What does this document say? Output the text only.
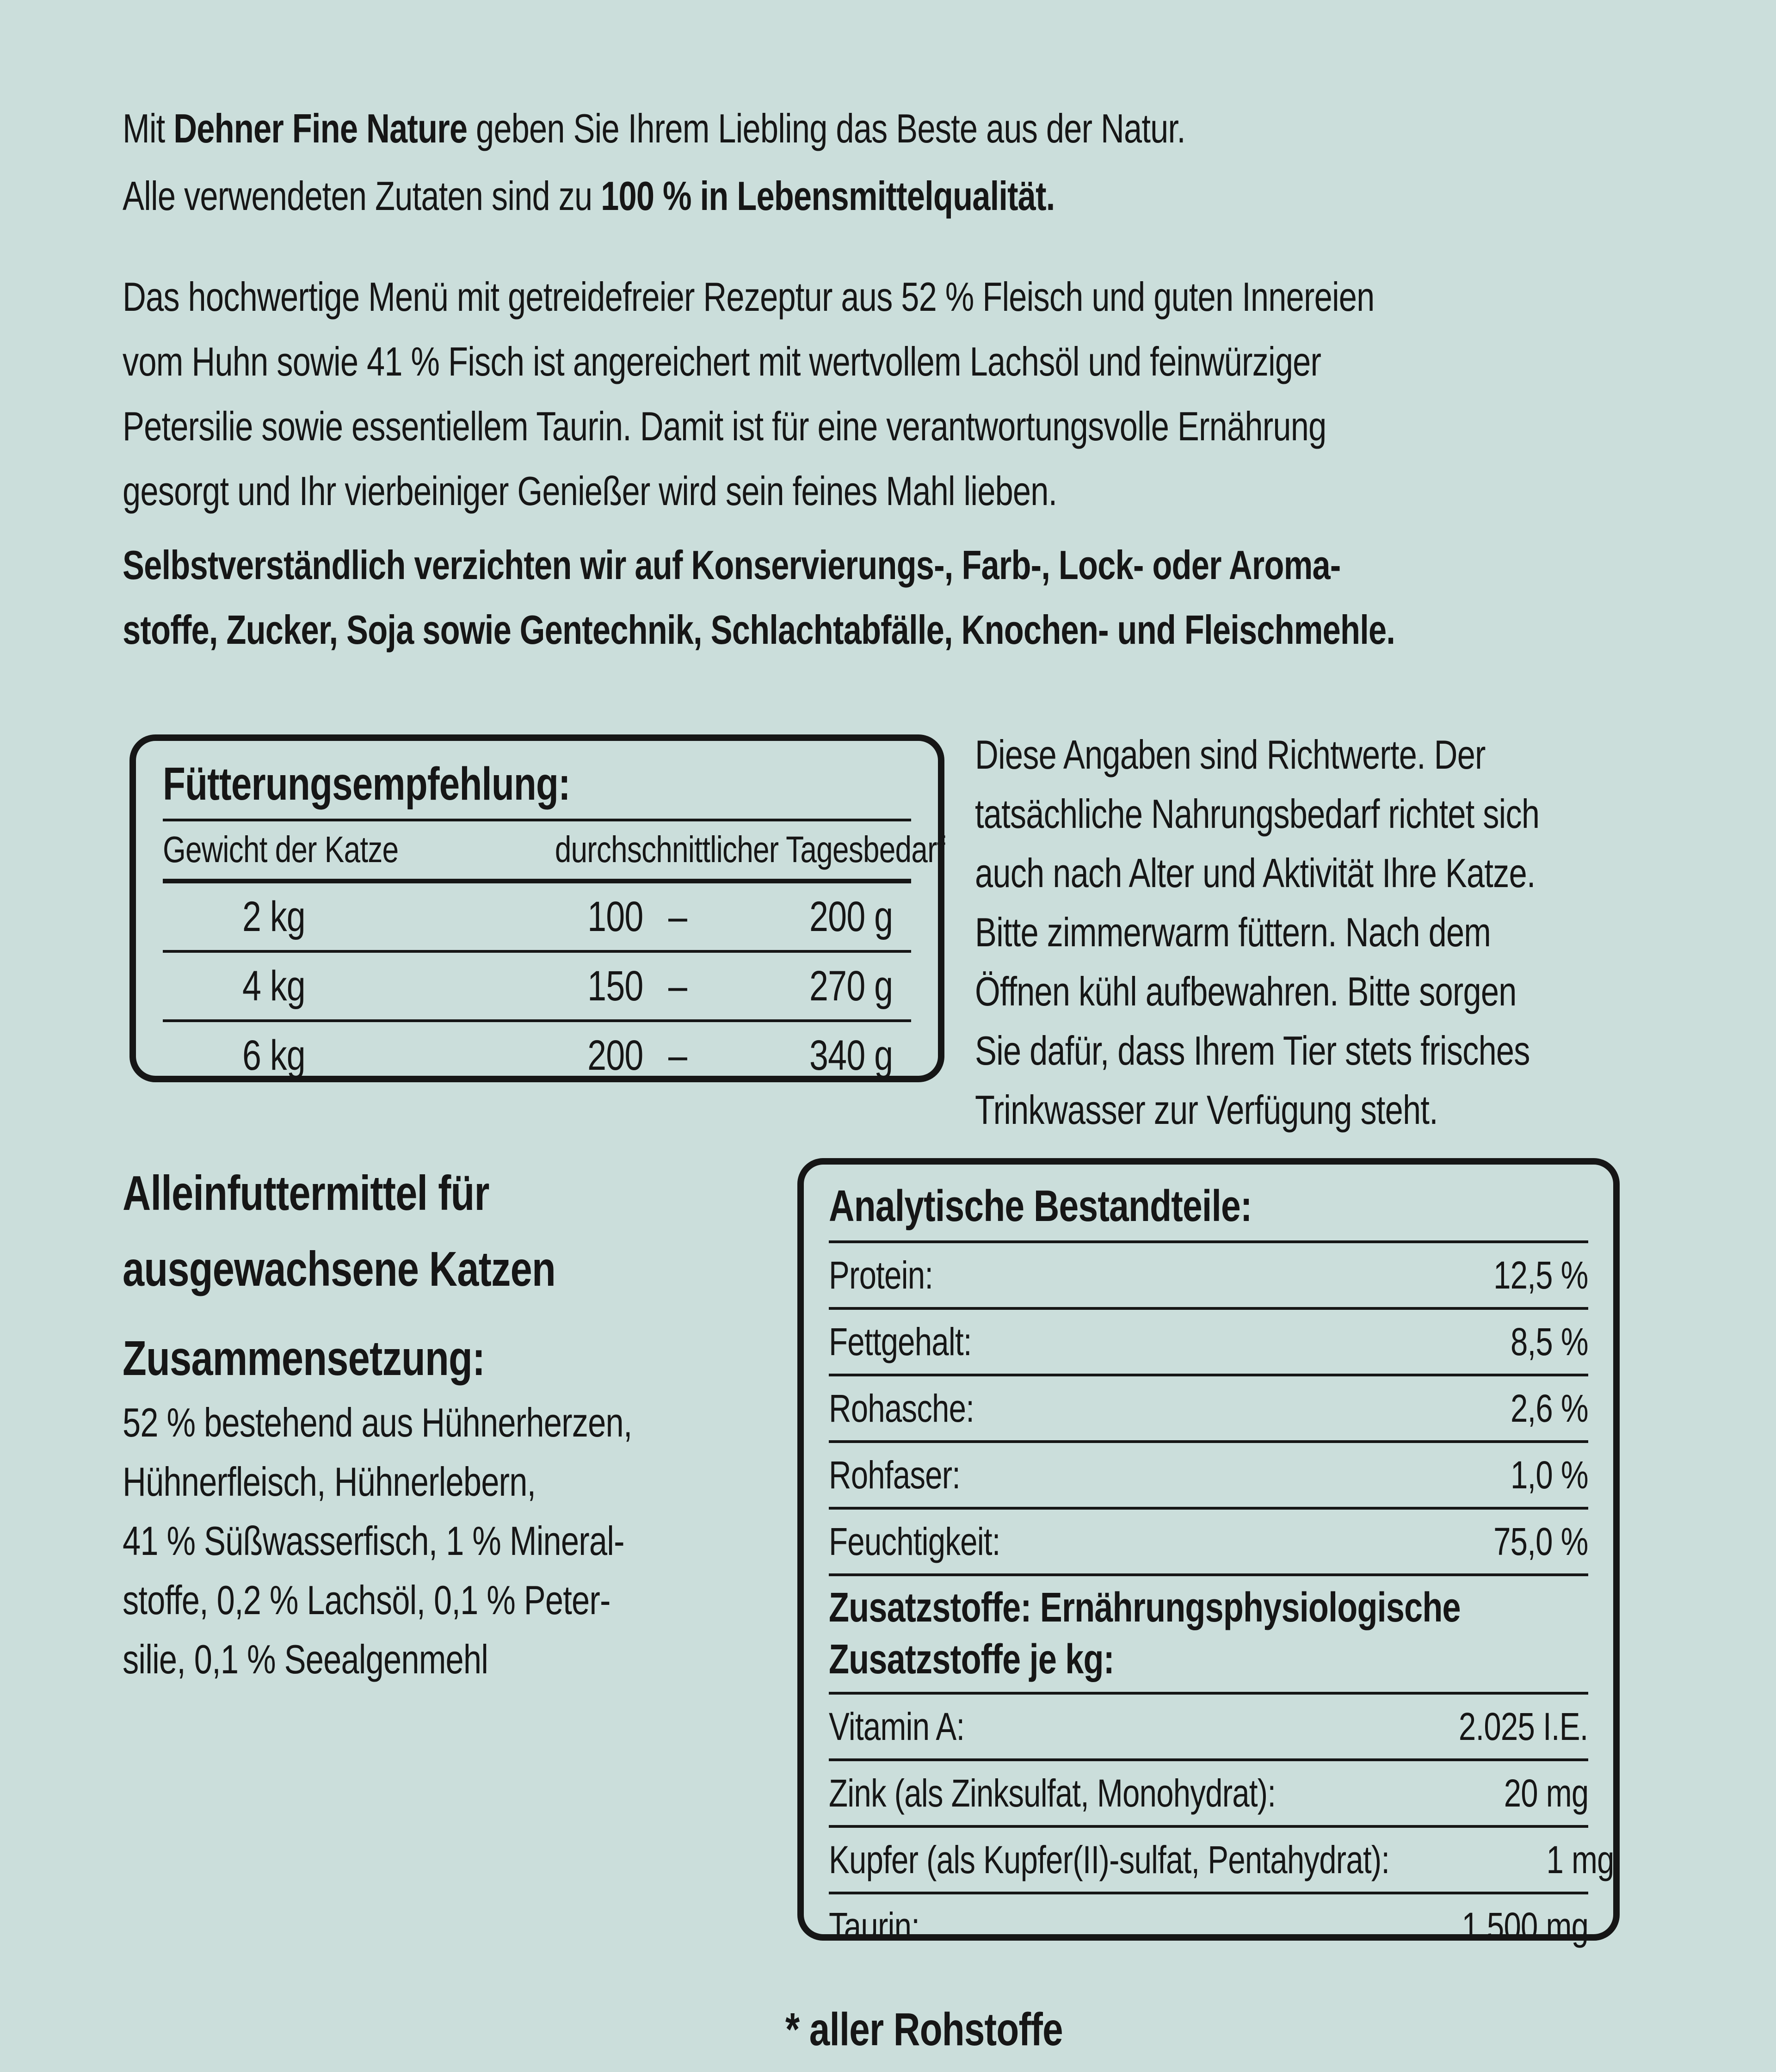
Mit Dehner Fine Nature geben Sie Ihrem Liebling das Beste aus der Natur.
Alle verwendeten Zutaten sind zu 100 % in Lebensmittelqualität.
Das hochwertige Menü mit getreidefreier Rezeptur aus 52 % Fleisch und guten Innereien
vom Huhn sowie 41 % Fisch ist angereichert mit wertvollem Lachsöl und feinwürziger
Petersilie sowie essentiellem Taurin. Damit ist für eine verantwortungsvolle Ernährung
gesorgt und Ihr vierbeiniger Genießer wird sein feines Mahl lieben.
Selbstverständlich verzichten wir auf Konservierungs-, Farb-, Lock- oder Aroma-
stoffe, Zucker, Soja sowie Gentechnik, Schlachtabfälle, Knochen- und Fleischmehle.
Fütterungsempfehlung:
Gewicht der Katze	durchschnittlicher Tagesbedarf
2 kg	100 –	200 g
4 kg	150 –	270 g
6 kg	200 –	340 g
Diese Angaben sind Richtwerte. Der
tatsächliche Nahrungsbedarf richtet sich
auch nach Alter und Aktivität Ihre Katze.
Bitte zimmerwarm füttern. Nach dem
Öffnen kühl aufbewahren. Bitte sorgen
Sie dafür, dass Ihrem Tier stets frisches
Trinkwasser zur Verfügung steht.
Alleinfuttermittel für
ausgewachsene Katzen
Zusammensetzung:
52 % bestehend aus Hühnerherzen,
Hühnerfleisch, Hühnerlebern,
41 % Süßwasserfisch, 1 % Mineral-
stoffe, 0,2 % Lachsöl, 0,1 % Peter-
silie, 0,1 % Seealgenmehl
Analytische Bestandteile:
Protein:	12,5 %
Fettgehalt:	8,5 %
Rohasche:	2,6 %
Rohfaser:	1,0 %
Feuchtigkeit:	75,0 %
Zusatzstoffe: Ernährungsphysiologische
Zusatzstoffe je kg:
Vitamin A:	2.025 I.E.
Zink (als Zinksulfat, Monohydrat):	20 mg
Kupfer (als Kupfer(II)-sulfat, Pentahydrat):	1 mg
Taurin:	1.500 mg
* aller Rohstoffe
